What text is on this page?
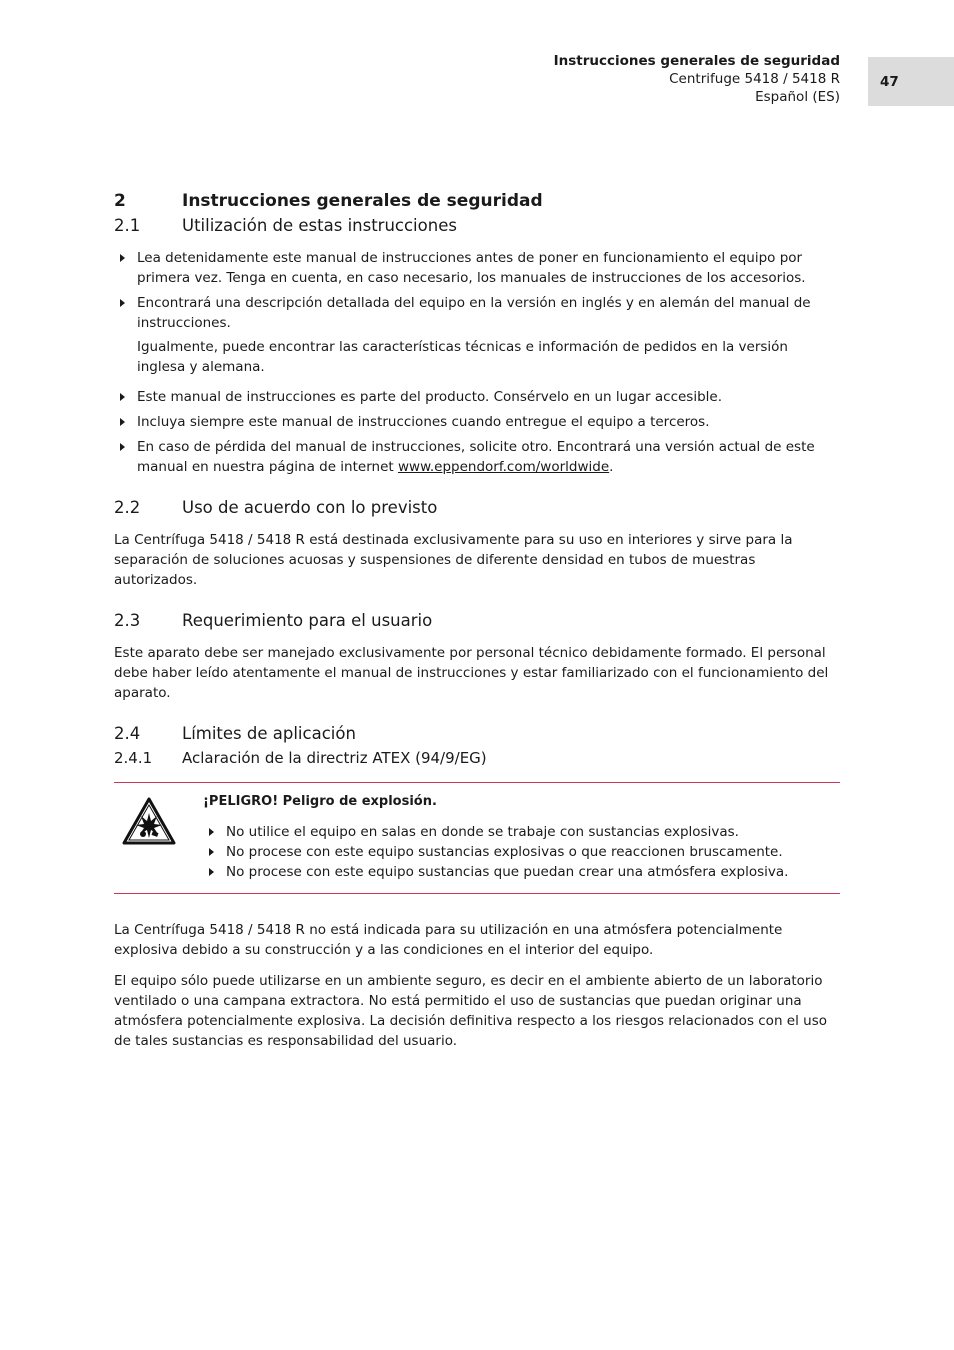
Instrucciones generales de seguridad
Centrifuge 5418 / 5418 R
Español (ES)
47
2	Instrucciones generales de seguridad
2.1	Utilización de estas instrucciones
Lea detenidamente este manual de instrucciones antes de poner en funcionamiento el equipo por primera vez. Tenga en cuenta, en caso necesario, los manuales de instrucciones de los accesorios.
Encontrará una descripción detallada del equipo en la versión en inglés y en alemán del manual de instrucciones.

Igualmente, puede encontrar las características técnicas e información de pedidos en la versión inglesa y alemana.

Este manual de instrucciones es parte del producto. Consérvelo en un lugar accesible.
Incluya siempre este manual de instrucciones cuando entregue el equipo a terceros.
En caso de pérdida del manual de instrucciones, solicite otro. Encontrará una versión actual de este manual en nuestra página de internet www.eppendorf.com/worldwide.
2.2	Uso de acuerdo con lo previsto

La Centrífuga 5418 / 5418 R está destinada exclusivamente para su uso en interiores y sirve para la separación de soluciones acuosas y suspensiones de diferente densidad en tubos de muestras autorizados.

2.3	Requerimiento para el usuario

Este aparato debe ser manejado exclusivamente por personal técnico debidamente formado. El personal debe haber leído atentamente el manual de instrucciones y estar familiarizado con el funcionamiento del aparato.

2.4	Límites de aplicación
2.4.1	Aclaración de la directriz ATEX (94/9/EG)
¡PELIGRO! Peligro de explosión.
No utilice el equipo en salas en donde se trabaje con sustancias explosivas.
No procese con este equipo sustancias explosivas o que reaccionen bruscamente.
No procese con este equipo sustancias que puedan crear una atmósfera explosiva.

La Centrífuga 5418 / 5418 R no está indicada para su utilización en una atmósfera potencialmente explosiva debido a su construcción y a las condiciones en el interior del equipo.

El equipo sólo puede utilizarse en un ambiente seguro, es decir en el ambiente abierto de un laboratorio ventilado o una campana extractora. No está permitido el uso de sustancias que puedan originar una atmósfera potencialmente explosiva. La decisión definitiva respecto a los riesgos relacionados con el uso de tales sustancias es responsabilidad del usuario.
